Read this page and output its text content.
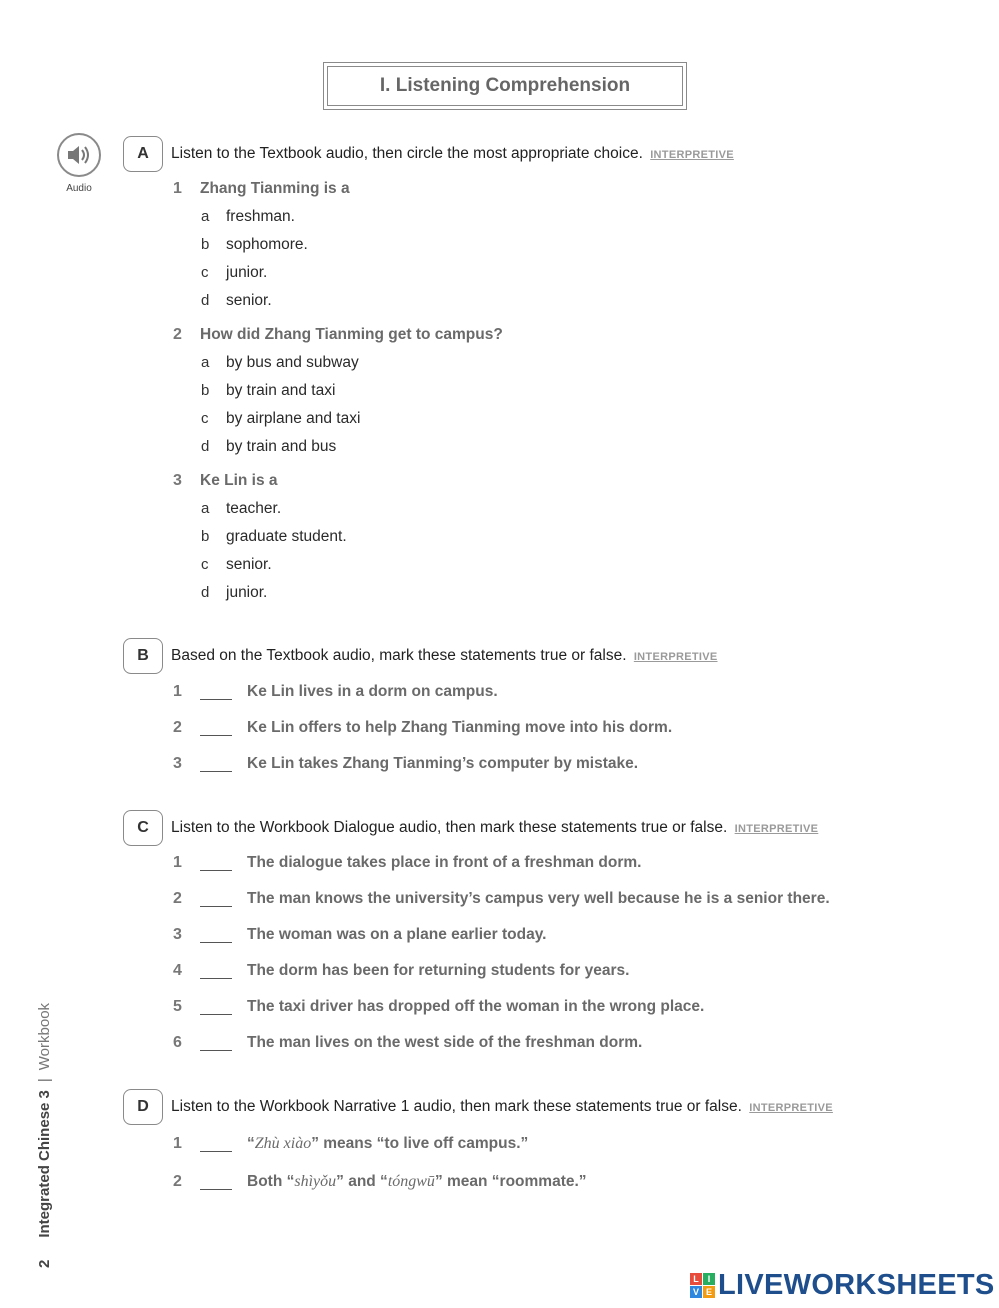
I. Listening Comprehension
Audio
A	Listen to the Textbook audio, then circle the most appropriate choice. INTERPRETIVE
1 Zhang Tianming is a
a freshman.
b sophomore.
c junior.
d senior.
2 How did Zhang Tianming get to campus?
a by bus and subway
b by train and taxi
c by airplane and taxi
d by train and bus
3 Ke Lin is a
a teacher.
b graduate student.
c senior.
d junior.
B	Based on the Textbook audio, mark these statements true or false. INTERPRETIVE
1	Ke Lin lives in a dorm on campus.
2	Ke Lin offers to help Zhang Tianming move into his dorm.
3	Ke Lin takes Zhang Tianming’s computer by mistake.
C	Listen to the Workbook Dialogue audio, then mark these statements true or false. INTERPRETIVE
1	The dialogue takes place in front of a freshman dorm.
2	The man knows the university’s campus very well because he is a senior there.
3	The woman was on a plane earlier today.
4	The dorm has been for returning students for years.
5	The taxi driver has dropped off the woman in the wrong place.
6	The man lives on the west side of the freshman dorm.
D	Listen to the Workbook Narrative 1 audio, then mark these statements true or false. INTERPRETIVE
1	“Zhù xiào” means “to live off campus.”
2	Both “shìyǒu” and “tóngwū” mean “roommate.”
2Integrated Chinese 3|Workbook
L I
V E LIVEWORKSHEETS
